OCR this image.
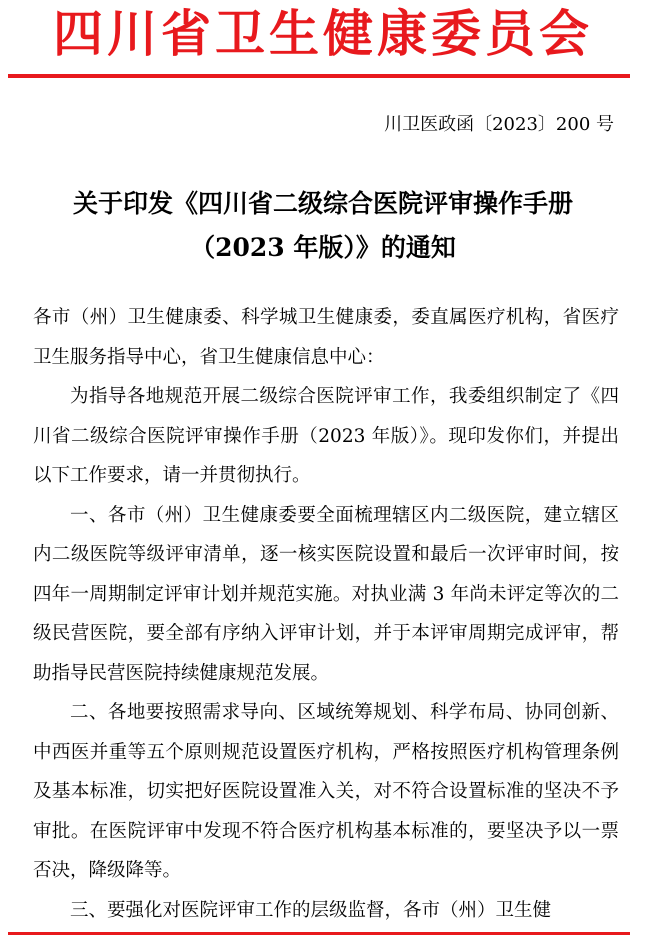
四川省卫生健康委员会
川卫医政函〔2023〕200 号
关于印发《四川省二级综合医院评审操作手册
（2023 年版）》的通知

各市（州）卫生健康委、科学城卫生健康委，委直属医疗机构，省医疗卫生服务指导中心，省卫生健康信息中心：

为指导各地规范开展二级综合医院评审工作，我委组织制定了《四川省二级综合医院评审操作手册（2023 年版）》。现印发你们，并提出以下工作要求，请一并贯彻执行。

一、各市（州）卫生健康委要全面梳理辖区内二级医院，建立辖区内二级医院等级评审清单，逐一核实医院设置和最后一次评审时间，按四年一周期制定评审计划并规范实施。对执业满 3 年尚未评定等次的二级民营医院，要全部有序纳入评审计划，并于本评审周期完成评审，帮助指导民营医院持续健康规范发展。

二、各地要按照需求导向、区域统筹规划、科学布局、协同创新、中西医并重等五个原则规范设置医疗机构，严格按照医疗机构管理条例及基本标准，切实把好医院设置准入关，对不符合设置标准的坚决不予审批。在医院评审中发现不符合医疗机构基本标准的，要坚决予以一票否决，降级降等。

三、要强化对医院评审工作的层级监督，各市（州）卫生健
